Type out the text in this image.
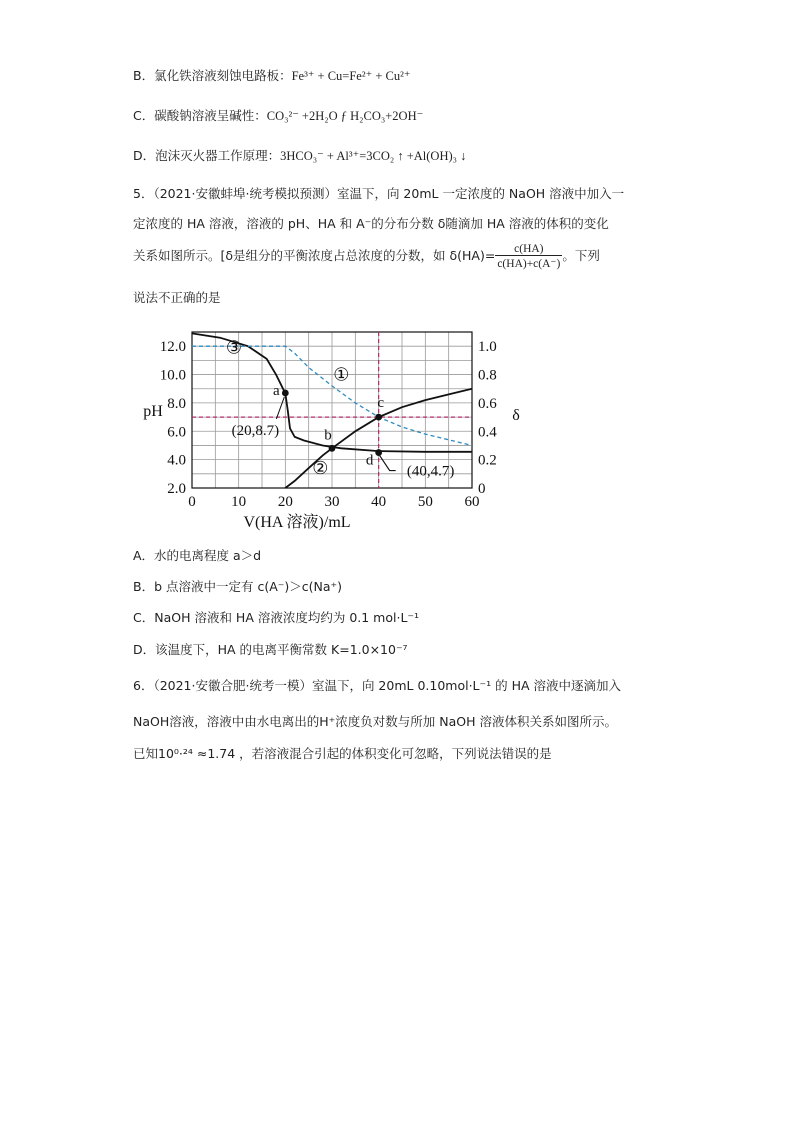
B．氯化铁溶液刻蚀电路板：Fe³⁺ + Cu=Fe²⁺ + Cu²⁺
C．碳酸钠溶液呈碱性：CO₃²⁻ +2H₂O ƒ H₂CO₃+2OH⁻
D．泡沫灭火器工作原理：3HCO₃⁻ + Al³⁺=3CO₂ ↑ +Al(OH)₃ ↓
5．（2021·安徽蚌埠·统考模拟预测）室温下，向 20mL 一定浓度的 NaOH 溶液中加入一
定浓度的 HA 溶液，溶液的 pH、HA 和 A⁻的分布分数 δ随滴加 HA 溶液的体积的变化
关系如图所示。[δ是组分的平衡浓度占总浓度的分数，如 $\delta(HA)= \frac{c(HA)}{c(HA)+c(A^-)}$ 。下列
说法不正确的是
0 10 20 30 40 50 60
2.0
4.0
6.0
8.0
10.0
12.0
0
0.2
0.4
0.6
0.8
1.0
V(HA 溶液)/mL
pH	δ
③
①
②
a
b
c
d
(20,8.7)
(40,4.7)
A．水的电离程度 a＞d
B．b 点溶液中一定有 c(A⁻)＞c(Na⁺)
C．NaOH 溶液和 HA 溶液浓度均约为 0.1 mol·L⁻¹
D．该温度下，HA 的电离平衡常数 K=1.0×10⁻⁷
6．（2021·安徽合肥·统考一模）室温下，向 20mL 0.10mol·L⁻¹ 的 HA 溶液中逐滴加入
NaOH溶液，溶液中由水电离出的H⁺浓度负对数与所加 NaOH 溶液体积关系如图所示。
已知10⁰·²⁴ ≈1.74 ，若溶液混合引起的体积变化可忽略，下列说法错误的是
